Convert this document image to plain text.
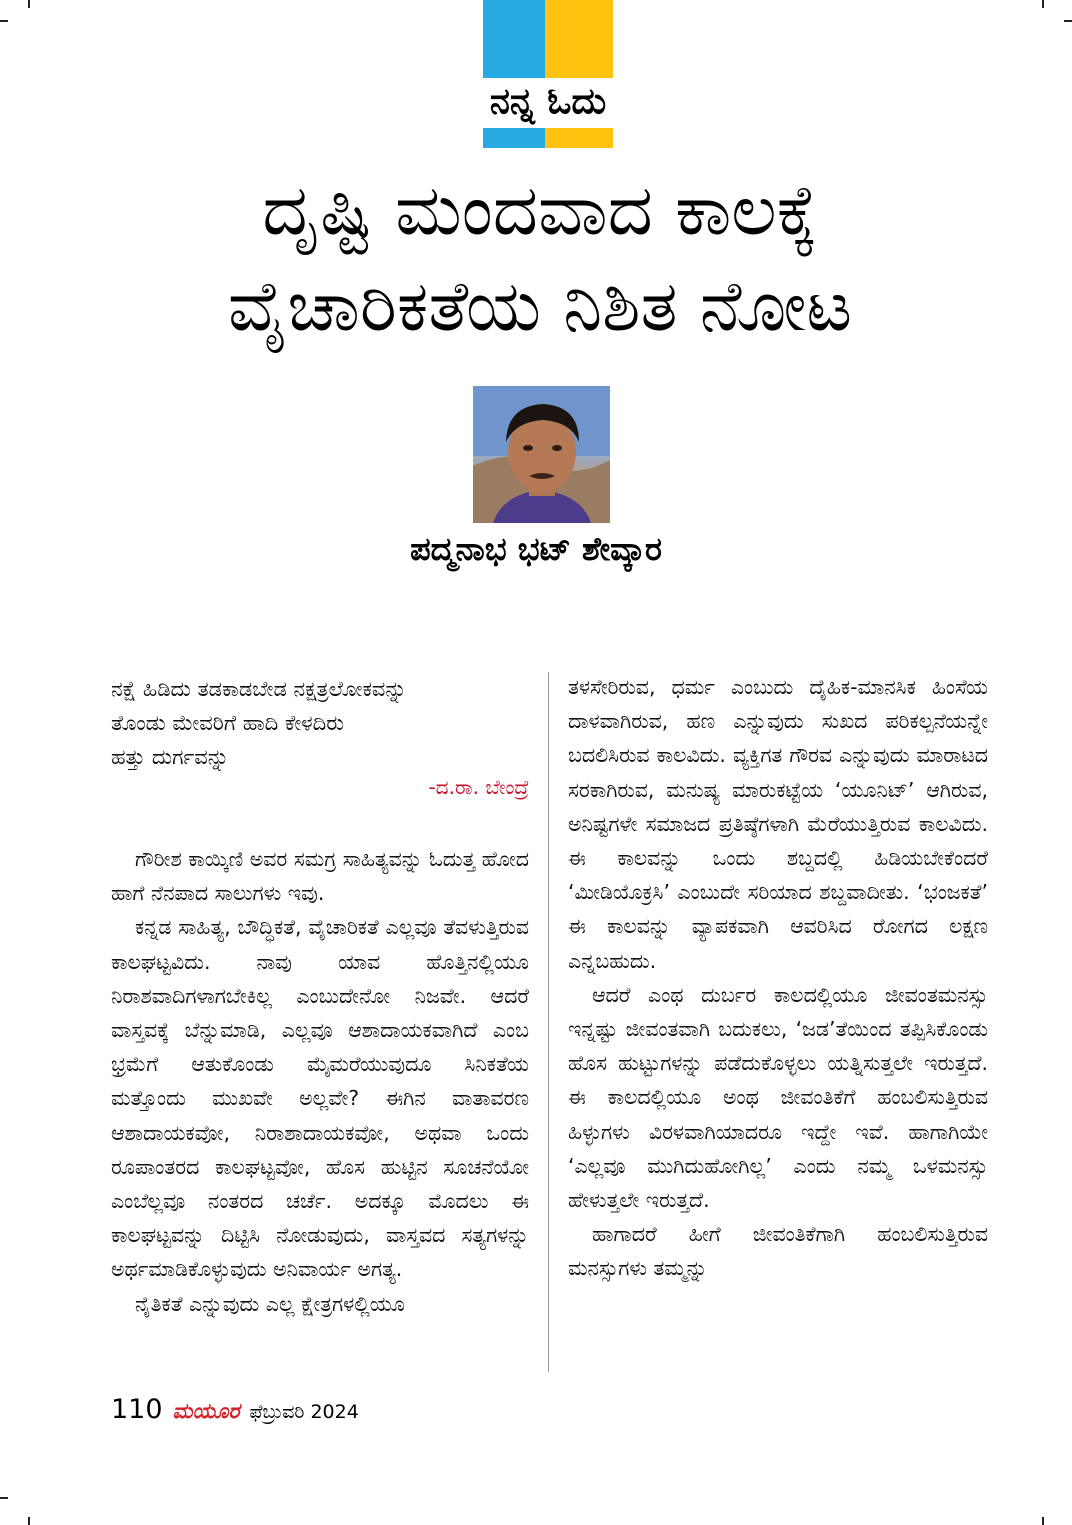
ನನ್ನ ಓದು
ದೃಷ್ಟಿ ಮಂದವಾದ ಕಾಲಕ್ಕೆ
ವೈಚಾರಿಕತೆಯ ನಿಶಿತ ನೋಟ
ಪದ್ಮನಾಭ ಭಟ್ ಶೇವ್ಕಾರ
ನಕ್ಷೆ ಹಿಡಿದು ತಡಕಾಡಬೇಡ ನಕ್ಷತ್ರಲೋಕವನ್ನು
ತೊಂಡು ಮೇವರಿಗೆ ಹಾದಿ ಕೇಳದಿರು
ಹತ್ತು ದುರ್ಗವನ್ನು
-ದ.ರಾ. ಬೇಂದ್ರೆ

ಗೌರೀಶ ಕಾಯ್ಕಿಣಿ ಅವರ ಸಮಗ್ರ ಸಾಹಿತ್ಯವನ್ನು ಓದುತ್ತ ಹೋದ ಹಾಗೆ ನೆನಪಾದ ಸಾಲುಗಳು ಇವು.

ಕನ್ನಡ ಸಾಹಿತ್ಯ, ಬೌದ್ಧಿಕತೆ, ವೈಚಾರಿಕತೆ ಎಲ್ಲವೂ ತೆವಳುತ್ತಿರುವ ಕಾಲಘಟ್ಟವಿದು. ನಾವು ಯಾವ ಹೊತ್ತಿನಲ್ಲಿಯೂ ನಿರಾಶವಾದಿಗಳಾಗಬೇಕಿಲ್ಲ ಎಂಬುದೇನೋ ನಿಜವೇ. ಆದರೆ ವಾಸ್ತವಕ್ಕೆ ಬೆನ್ನುಮಾಡಿ, ಎಲ್ಲವೂ ಆಶಾದಾಯಕವಾಗಿದೆ ಎಂಬ ಭ್ರಮೆಗೆ ಆತುಕೊಂಡು ಮೈಮರೆಯುವುದೂ ಸಿನಿಕತೆಯ ಮತ್ತೊಂದು ಮುಖವೇ ಅಲ್ಲವೇ? ಈಗಿನ ವಾತಾವರಣ ಆಶಾದಾಯಕವೋ, ನಿರಾಶಾದಾಯಕವೋ, ಅಥವಾ ಒಂದು ರೂಪಾಂತರದ ಕಾಲಘಟ್ಟವೋ, ಹೊಸ ಹುಟ್ಟಿನ ಸೂಚನೆಯೋ ಎಂಬೆಲ್ಲವೂ ನಂತರದ ಚರ್ಚೆ. ಅದಕ್ಕೂ ಮೊದಲು ಈ ಕಾಲಘಟ್ಟವನ್ನು ದಿಟ್ಟಿಸಿ ನೋಡುವುದು, ವಾಸ್ತವದ ಸತ್ಯಗಳನ್ನು ಅರ್ಥಮಾಡಿಕೊಳ್ಳುವುದು ಅನಿವಾರ್ಯ ಅಗತ್ಯ.

ನೈತಿಕತೆ ಎನ್ನುವುದು ಎಲ್ಲ ಕ್ಷೇತ್ರಗಳಲ್ಲಿಯೂ

ತಳಸೇರಿರುವ, ಧರ್ಮ ಎಂಬುದು ದೈಹಿಕ-ಮಾನಸಿಕ ಹಿಂಸೆಯ ದಾಳವಾಗಿರುವ, ಹಣ ಎನ್ನುವುದು ಸುಖದ ಪರಿಕಲ್ಪನೆಯನ್ನೇ ಬದಲಿಸಿರುವ ಕಾಲವಿದು. ವ್ಯಕ್ತಿಗತ ಗೌರವ ಎನ್ನುವುದು ಮಾರಾಟದ ಸರಕಾಗಿರುವ, ಮನುಷ್ಯ ಮಾರುಕಟ್ಟೆಯ ‘ಯೂನಿಟ್’ ಆಗಿರುವ, ಅನಿಷ್ಟಗಳೇ ಸಮಾಜದ ಪ್ರತಿಷ್ಠೆಗಳಾಗಿ ಮೆರೆಯುತ್ತಿರುವ ಕಾಲವಿದು. ಈ ಕಾಲವನ್ನು ಒಂದು ಶಬ್ದದಲ್ಲಿ ಹಿಡಿಯಬೇಕೆಂದರೆ ‘ಮೀಡಿಯೊಕ್ರಸಿ’ ಎಂಬುದೇ ಸರಿಯಾದ ಶಬ್ದವಾದೀತು. ‘ಭಂಜಕತೆ’ ಈ ಕಾಲವನ್ನು ವ್ಯಾಪಕವಾಗಿ ಆವರಿಸಿದ ರೋಗದ ಲಕ್ಷಣ ಎನ್ನಬಹುದು.

ಆದರೆ ಎಂಥ ದುರ್ಬರ ಕಾಲದಲ್ಲಿಯೂ ಜೀವಂತಮನಸ್ಸು ಇನ್ನಷ್ಟು ಜೀವಂತವಾಗಿ ಬದುಕಲು, ‘ಜಡ’ತೆಯಿಂದ ತಪ್ಪಿಸಿಕೊಂಡು ಹೊಸ ಹುಟ್ಟುಗಳನ್ನು ಪಡೆದುಕೊಳ್ಳಲು ಯತ್ನಿಸುತ್ತಲೇ ಇರುತ್ತದೆ. ಈ ಕಾಲದಲ್ಲಿಯೂ ಅಂಥ ಜೀವಂತಿಕೆಗೆ ಹಂಬಲಿಸುತ್ತಿರುವ ಹಿಳ್ಳುಗಳು ವಿರಳವಾಗಿಯಾದರೂ ಇದ್ದೇ ಇವೆ. ಹಾಗಾಗಿಯೇ ‘ಎಲ್ಲವೂ ಮುಗಿದುಹೋಗಿಲ್ಲ’ ಎಂದು ನಮ್ಮ ಒಳಮನಸ್ಸು ಹೇಳುತ್ತಲೇ ಇರುತ್ತದೆ.

ಹಾಗಾದರೆ ಹೀಗೆ ಜೀವಂತಿಕೆಗಾಗಿ ಹಂಬಲಿಸುತ್ತಿರುವ ಮನಸ್ಸುಗಳು ತಮ್ಮನ್ನು

110 ಮಯೂರ ಫೆಬ್ರುವರಿ 2024
